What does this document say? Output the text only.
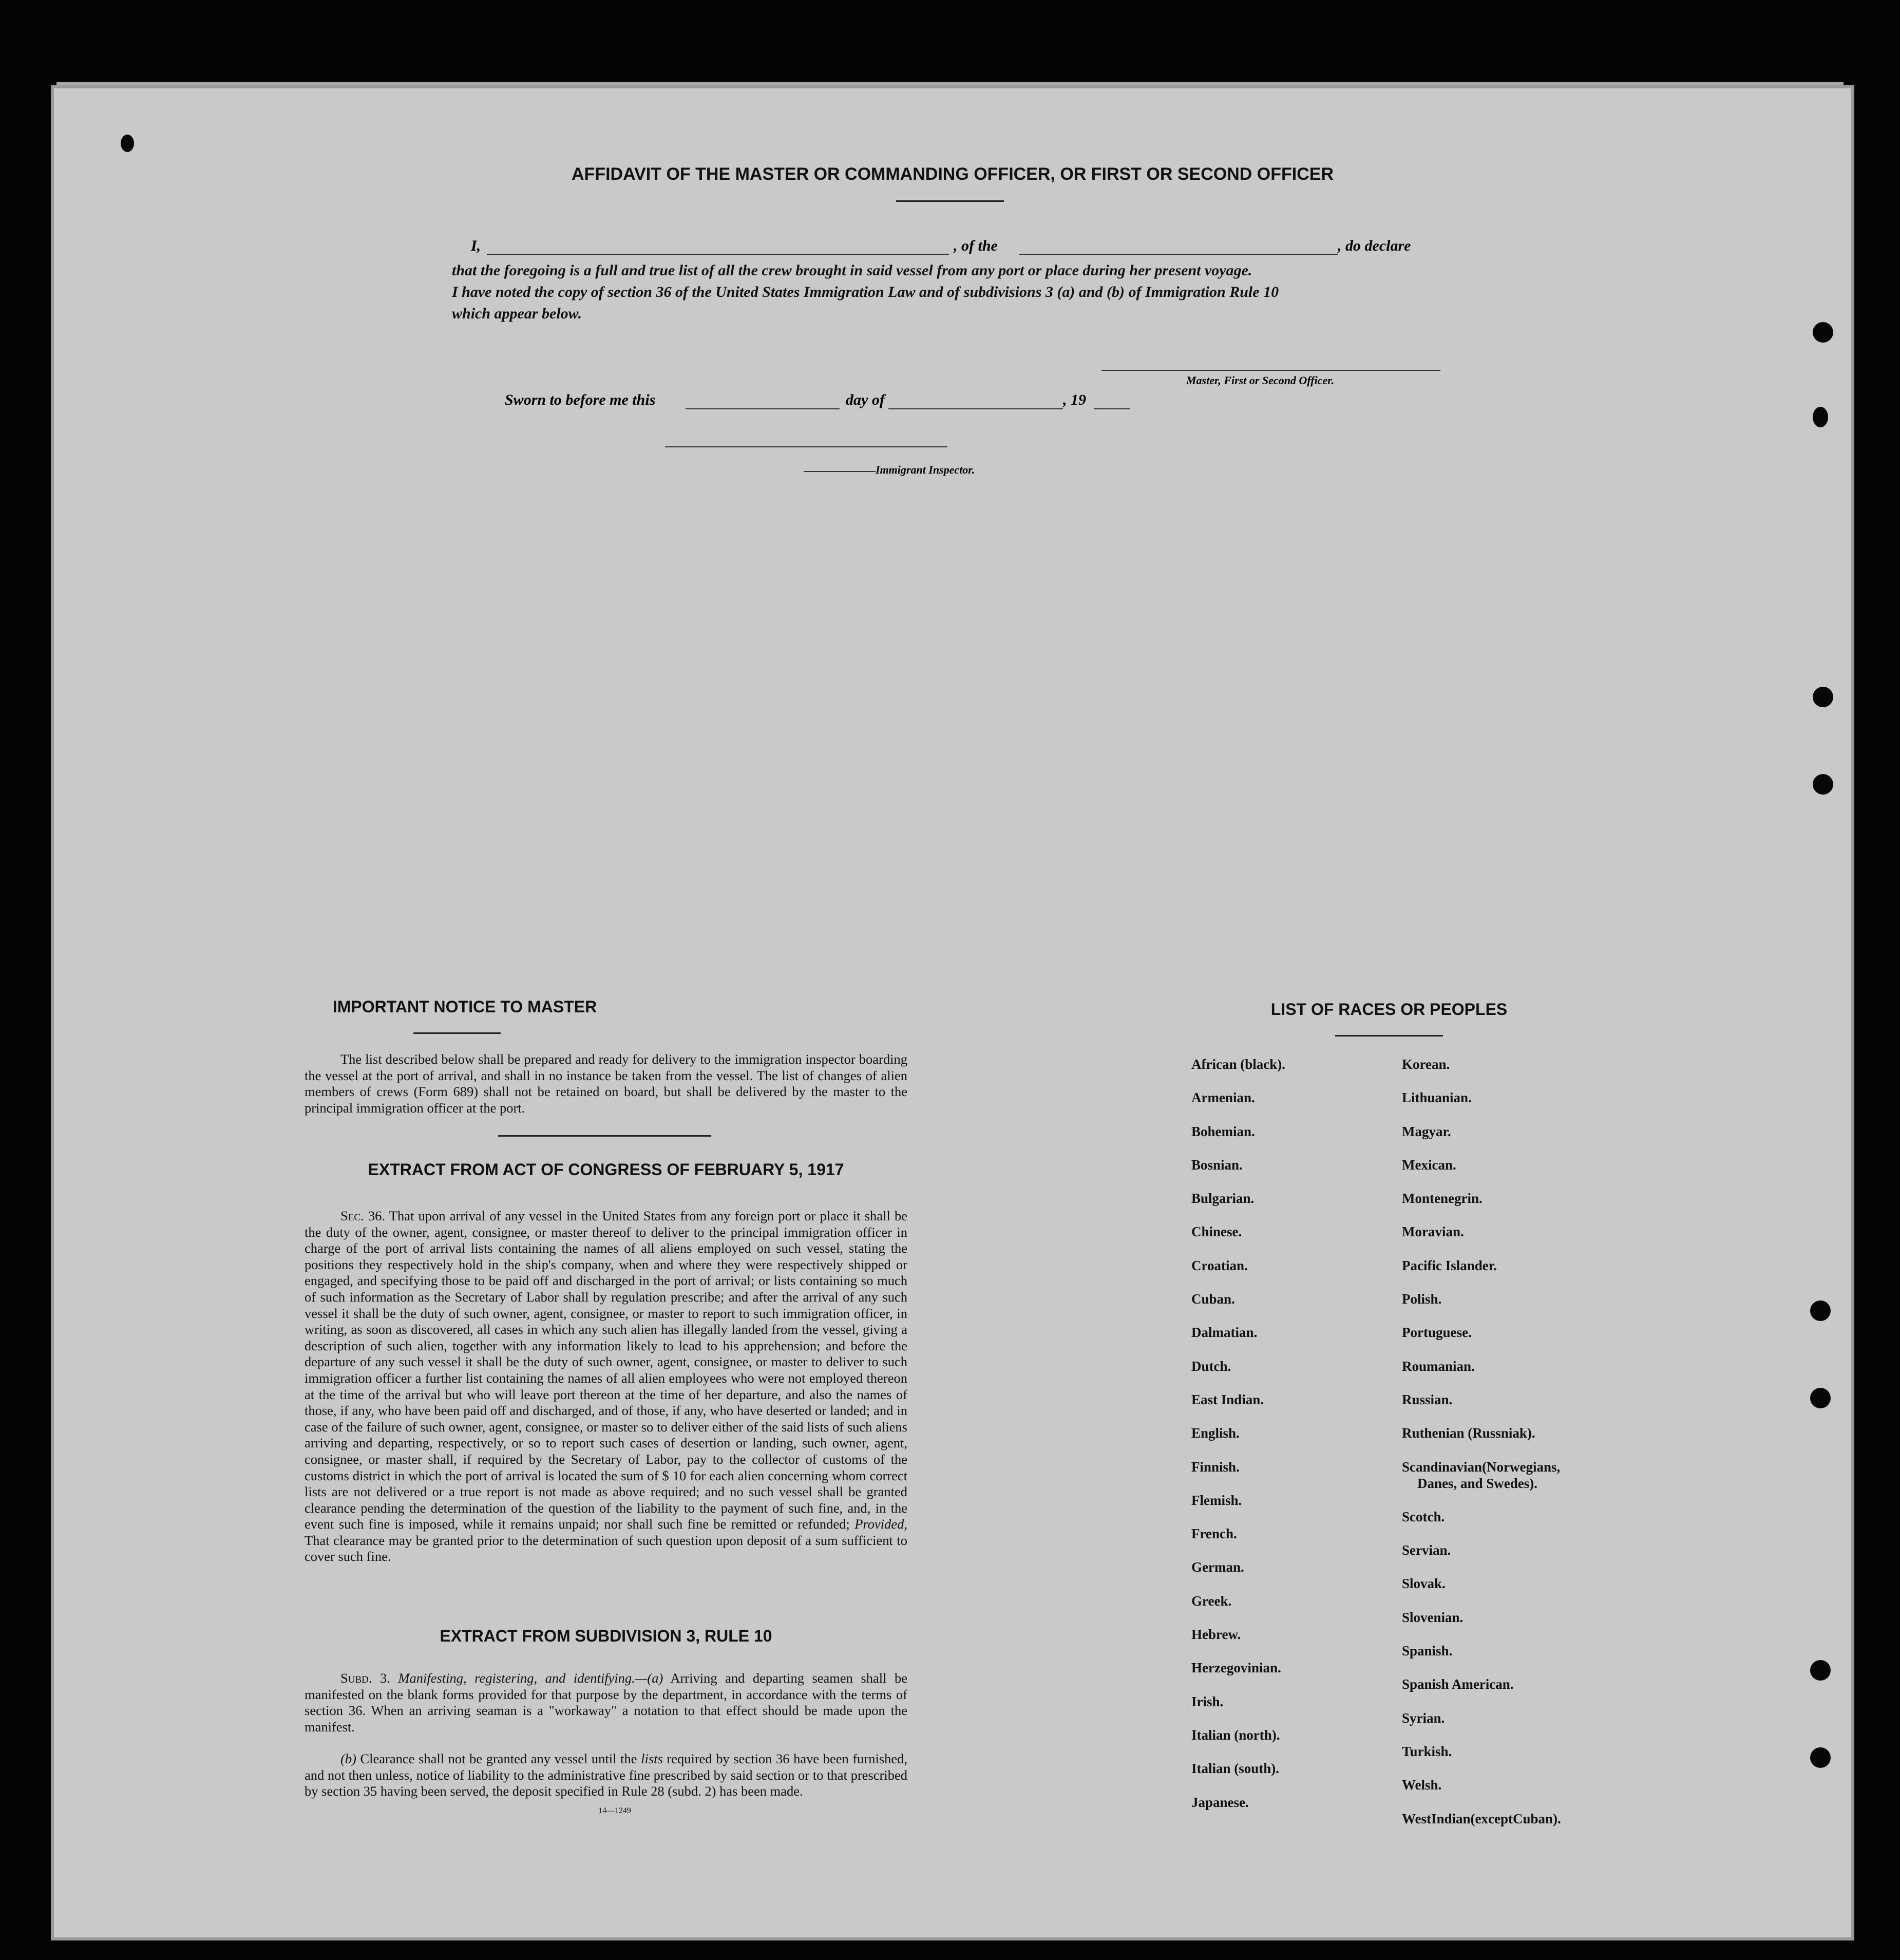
AFFIDAVIT OF THE MASTER OR COMMANDING OFFICER, OR FIRST OR SECOND OFFICER
I,	, of the	, do declare
that the foregoing is a full and true list of all the crew brought in said vessel from any port or place during her present voyage.
I have noted the copy of section 36 of the United States Immigration Law and of subdivisions 3 (a) and (b) of Immigration Rule 10
which appear below.
Master, First or Second Officer.
Sworn to before me this	day of	, 19
Immigrant Inspector.
IMPORTANT NOTICE TO MASTER
The list described below shall be prepared and ready for delivery to the immigration inspector boarding the vessel at the port of arrival, and shall in no instance be taken from the vessel. The list of changes of alien members of crews (Form 689) shall not be retained on board, but shall be delivered by the master to the principal immigration officer at the port.
EXTRACT FROM ACT OF CONGRESS OF FEBRUARY 5, 1917
Sec. 36. That upon arrival of any vessel in the United States from any foreign port or place it shall be the duty of the owner, agent, consignee, or master thereof to deliver to the principal immigration officer in charge of the port of arrival lists containing the names of all aliens employed on such vessel, stating the positions they respectively hold in the ship's company, when and where they were respectively shipped or engaged, and specifying those to be paid off and discharged in the port of arrival; or lists containing so much of such information as the Secretary of Labor shall by regulation prescribe; and after the arrival of any such vessel it shall be the duty of such owner, agent, consignee, or master to report to such immigration officer, in writing, as soon as discovered, all cases in which any such alien has illegally landed from the vessel, giving a description of such alien, together with any information likely to lead to his apprehension; and before the departure of any such vessel it shall be the duty of such owner, agent, consignee, or master to deliver to such immigration officer a further list containing the names of all alien employees who were not employed thereon at the time of the arrival but who will leave port thereon at the time of her departure, and also the names of those, if any, who have been paid off and discharged, and of those, if any, who have deserted or landed; and in case of the failure of such owner, agent, consignee, or master so to deliver either of the said lists of such aliens arriving and departing, respectively, or so to report such cases of desertion or landing, such owner, agent, consignee, or master shall, if required by the Secretary of Labor, pay to the collector of customs of the customs district in which the port of arrival is located the sum of $ 10 for each alien concerning whom correct lists are not delivered or a true report is not made as above required; and no such vessel shall be granted clearance pending the determination of the question of the liability to the payment of such fine, and, in the event such fine is imposed, while it remains unpaid; nor shall such fine be remitted or refunded; Provided, That clearance may be granted prior to the determination of such question upon deposit of a sum sufficient to cover such fine.
EXTRACT FROM SUBDIVISION 3, RULE 10
Subd. 3. Manifesting, registering, and identifying.—(a) Arriving and departing seamen shall be manifested on the blank forms provided for that purpose by the department, in accordance with the terms of section 36. When an arriving seaman is a "workaway" a notation to that effect should be made upon the manifest.
(b) Clearance shall not be granted any vessel until the lists required by section 36 have been furnished, and not then unless, notice of liability to the administrative fine prescribed by said section or to that prescribed by section 35 having been served, the deposit specified in Rule 28 (subd. 2) has been made.
14—1249
LIST OF RACES OR PEOPLES
African (black).
Armenian.
Bohemian.
Bosnian.
Bulgarian.
Chinese.
Croatian.
Cuban.
Dalmatian.
Dutch.
East Indian.
English.
Finnish.
Flemish.
French.
German.
Greek.
Hebrew.
Herzegovinian.
Irish.
Italian (north).
Italian (south).
Japanese.
Korean.
Lithuanian.
Magyar.
Mexican.
Montenegrin.
Moravian.
Pacific Islander.
Polish.
Portuguese.
Roumanian.
Russian.
Ruthenian (Russniak).
Scandinavian(Norwegians,
Danes, and Swedes).
Scotch.
Servian.
Slovak.
Slovenian.
Spanish.
Spanish American.
Syrian.
Turkish.
Welsh.
WestIndian(exceptCuban).
